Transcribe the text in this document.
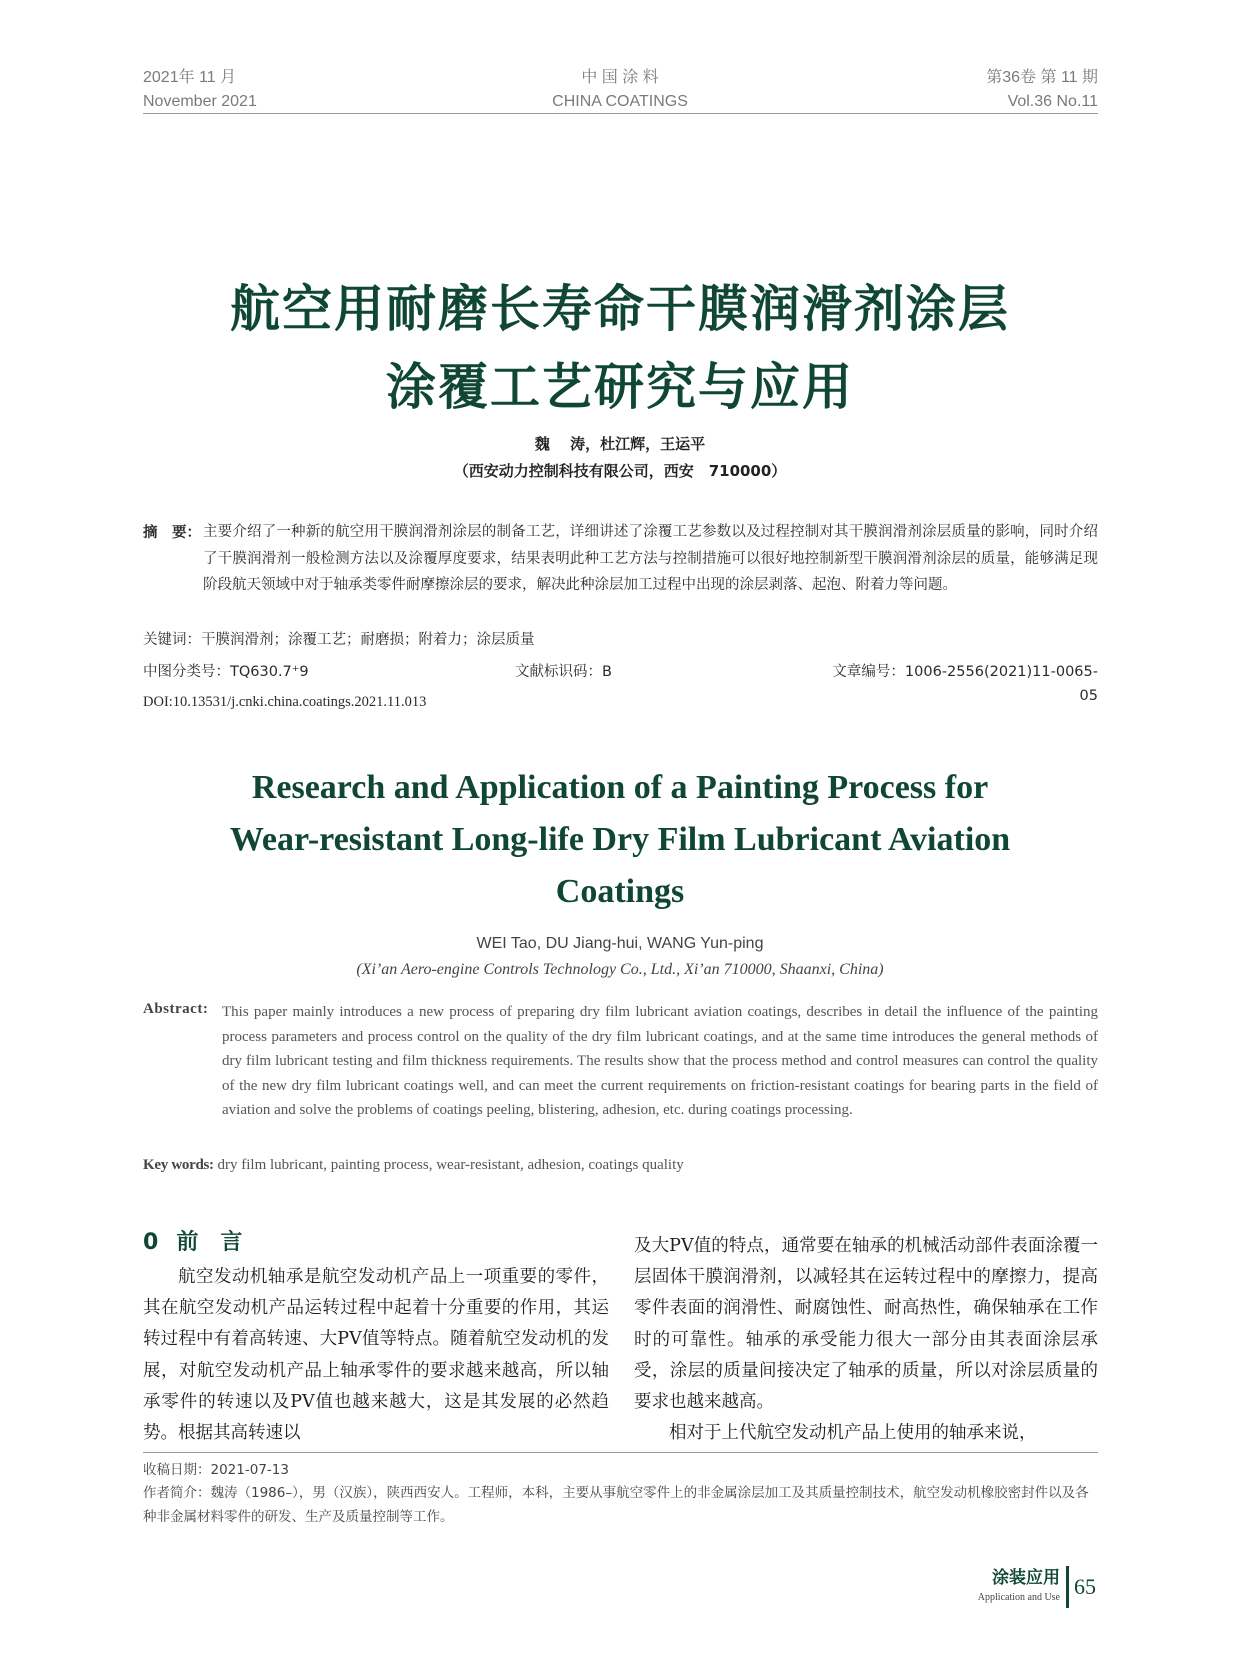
2021年 11 月
November 2021
中 国 涂 料
CHINA COATINGS
第36卷 第 11 期
Vol.36 No.11
航空用耐磨长寿命干膜润滑剂涂层
涂覆工艺研究与应用
魏　 涛，杜江辉，王运平
（西安动力控制科技有限公司，西安　710000）
摘　要： 主要介绍了一种新的航空用干膜润滑剂涂层的制备工艺，详细讲述了涂覆工艺参数以及过程控制对其干膜润滑剂涂层质量的影响，同时介绍了干膜润滑剂一般检测方法以及涂覆厚度要求，结果表明此种工艺方法与控制措施可以很好地控制新型干膜润滑剂涂层的质量，能够满足现阶段航天领域中对于轴承类零件耐摩擦涂层的要求，解决此种涂层加工过程中出现的涂层剥落、起泡、附着力等问题。
关键词：干膜润滑剂；涂覆工艺；耐磨损；附着力；涂层质量
中图分类号：TQ630.7⁺9	文献标识码：B	文章编号：1006-2556(2021)11-0065-05
DOI:10.13531/j.cnki.china.coatings.2021.11.013
Research and Application of a Painting Process for
Wear-resistant Long-life Dry Film Lubricant Aviation
Coatings
WEI Tao, DU Jiang-hui, WANG Yun-ping
(Xi’an Aero-engine Controls Technology Co., Ltd., Xi’an 710000, Shaanxi, China)
Abstract: This paper mainly introduces a new process of preparing dry film lubricant aviation coatings, describes in detail the influence of the painting process parameters and process control on the quality of the dry film lubricant coatings, and at the same time introduces the general methods of dry film lubricant testing and film thickness requirements. The results show that the process method and control measures can control the quality of the new dry film lubricant coatings well, and can meet the current requirements on friction-resistant coatings for bearing parts in the field of aviation and solve the problems of coatings peeling, blistering, adhesion, etc. during coatings processing.
Key words: dry film lubricant, painting process, wear-resistant, adhesion, coatings quality
0 前　言

航空发动机轴承是航空发动机产品上一项重要的零件，其在航空发动机产品运转过程中起着十分重要的作用，其运转过程中有着高转速、大PV值等特点。随着航空发动机的发展，对航空发动机产品上轴承零件的要求越来越高，所以轴承零件的转速以及PV值也越来越大，这是其发展的必然趋势。根据其高转速以

及大PV值的特点，通常要在轴承的机械活动部件表面涂覆一层固体干膜润滑剂，以减轻其在运转过程中的摩擦力，提高零件表面的润滑性、耐腐蚀性、耐高热性，确保轴承在工作时的可靠性。轴承的承受能力很大一部分由其表面涂层承受，涂层的质量间接决定了轴承的质量，所以对涂层质量的要求也越来越高。

相对于上代航空发动机产品上使用的轴承来说，

收稿日期：2021-07-13
作者简介：魏涛（1986–），男（汉族），陕西西安人。工程师，本科，主要从事航空零件上的非金属涂层加工及其质量控制技术，航空发动机橡胶密封件以及各种非金属材料零件的研发、生产及质量控制等工作。
涂装应用
Application and Use 65
